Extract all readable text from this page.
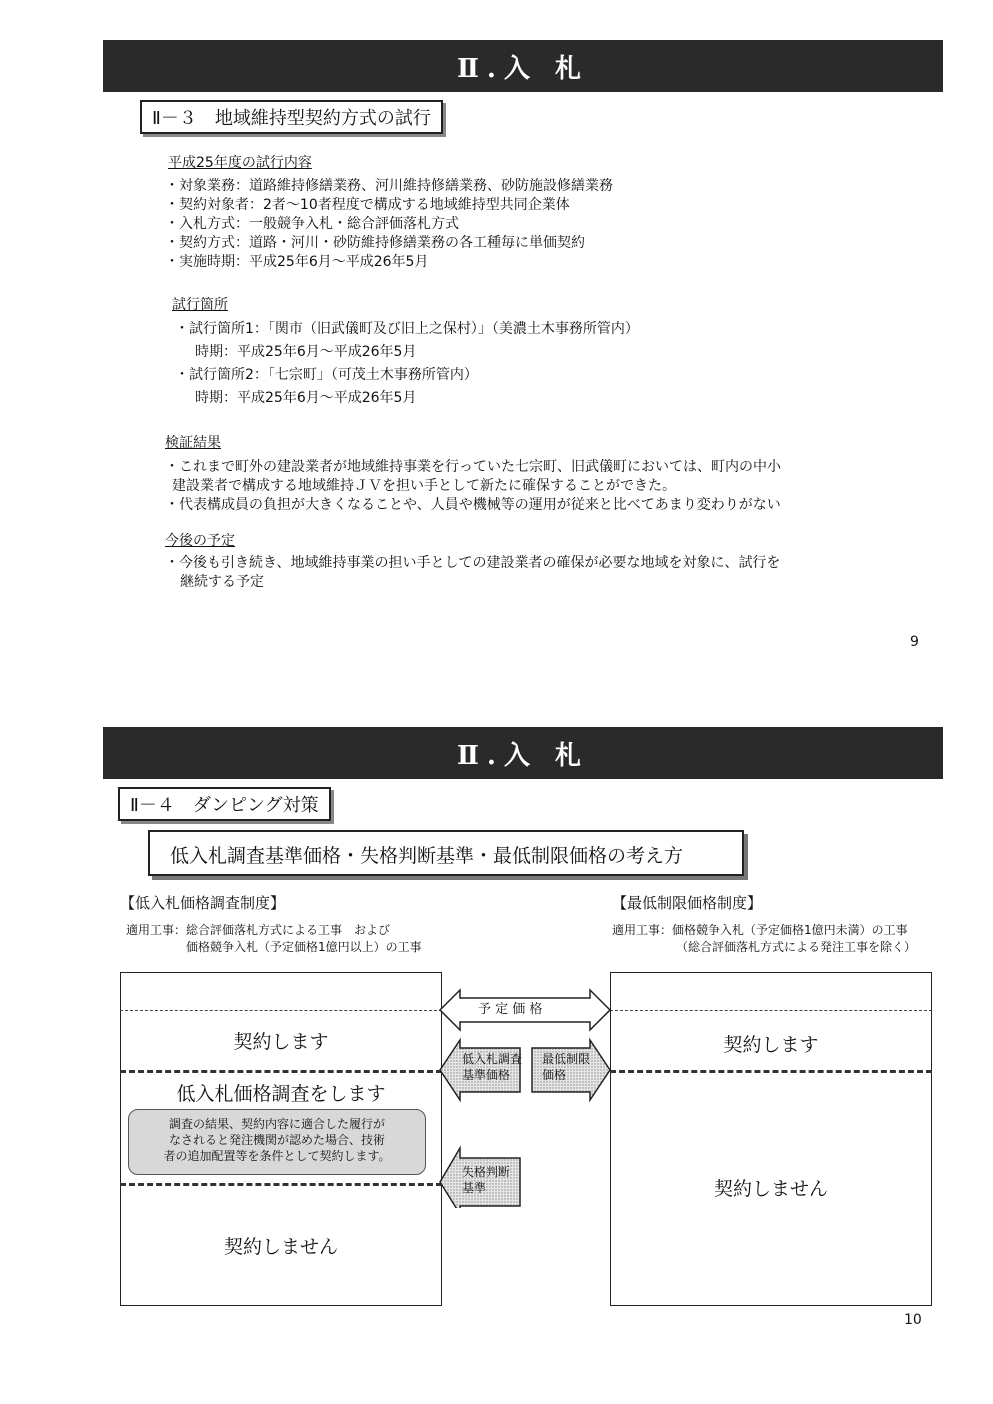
Ⅱ.入 札
Ⅱ－３　地域維持型契約方式の試行
平成25年度の試行内容
・対象業務：道路維持修繕業務、河川維持修繕業務、砂防施設修繕業務
・契約対象者：2者～10者程度で構成する地域維持型共同企業体
・入札方式：一般競争入札・総合評価落札方式
・契約方式：道路・河川・砂防維持修繕業務の各工種毎に単価契約
・実施時期：平成25年6月～平成26年5月
試行箇所
・試行箇所1：「関市（旧武儀町及び旧上之保村）」（美濃土木事務所管内）
時期：平成25年6月～平成26年5月
・試行箇所2：「七宗町」（可茂土木事務所管内）
時期：平成25年6月～平成26年5月
検証結果
・これまで町外の建設業者が地域維持事業を行っていた七宗町、旧武儀町においては、町内の中小
建設業者で構成する地域維持ＪＶを担い手として新たに確保することができた。
・代表構成員の負担が大きくなることや、人員や機械等の運用が従来と比べてあまり変わりがない
今後の予定
・今後も引き続き、地域維持事業の担い手としての建設業者の確保が必要な地域を対象に、試行を
継続する予定
9
Ⅱ.入 札
Ⅱ－４　ダンピング対策
低入札調査基準価格・失格判断基準・最低制限価格の考え方
【低入札価格調査制度】
適用工事：総合評価落札方式による工事　および
価格競争入札（予定価格1億円以上）の工事
【最低制限価格制度】
適用工事：価格競争入札（予定価格1億円未満）の工事
（総合評価落札方式による発注工事を除く）
契約します
低入札価格調査をします
調査の結果、契約内容に適合した履行が
なされると発注機関が認めた場合、技術
者の追加配置等を条件として契約します。
契約しません
契約します
契約しません
予 定 価 格
低入札調査
基準価格
最低制限
価格
失格判断
基準
10
